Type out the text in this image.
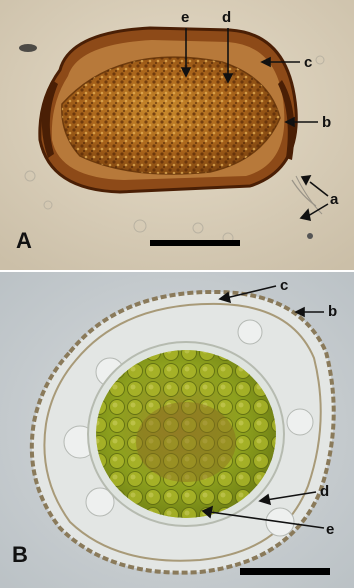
e d
c
b
a
A
c
b
d
e
B
